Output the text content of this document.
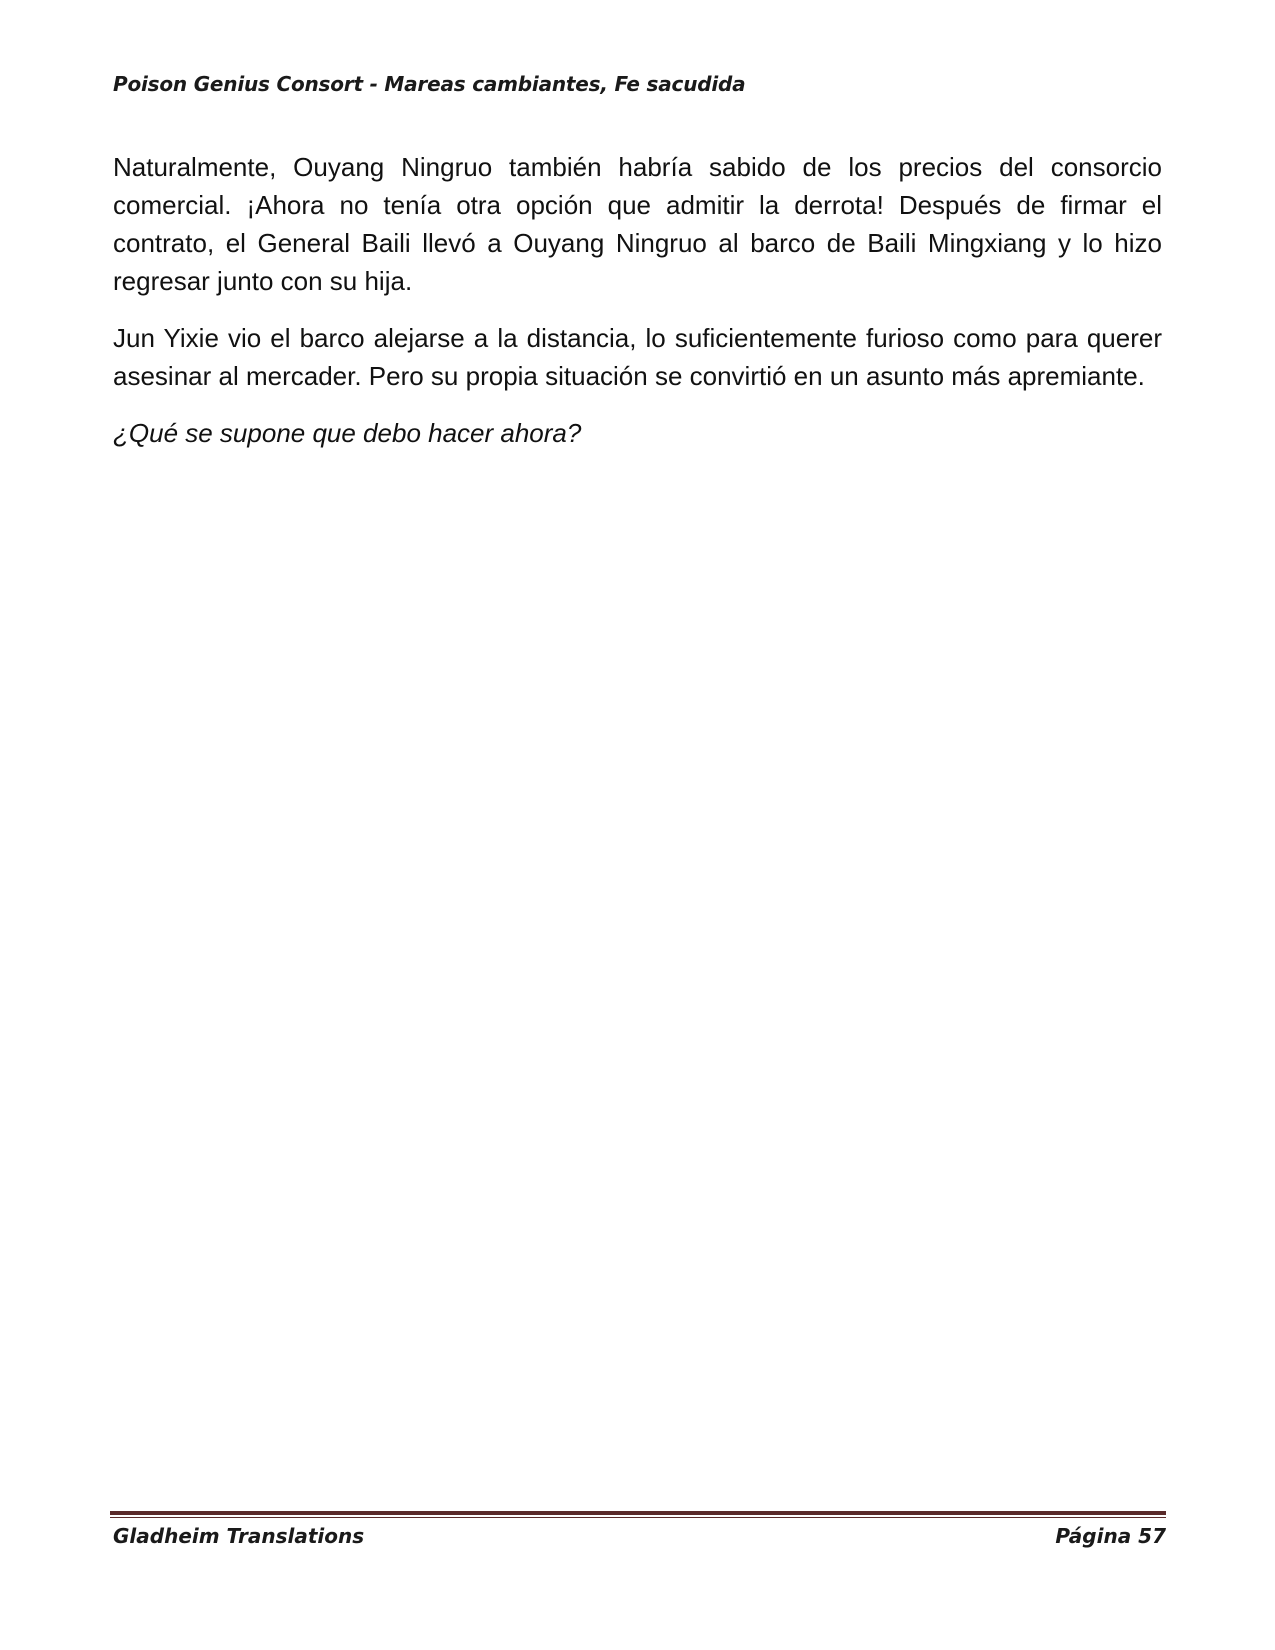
Poison Genius Consort - Mareas cambiantes, Fe sacudida

Naturalmente, Ouyang Ningruo también habría sabido de los precios del consorcio comercial. ¡Ahora no tenía otra opción que admitir la derrota! Después de firmar el contrato, el General Baili llevó a Ouyang Ningruo al barco de Baili Mingxiang y lo hizo regresar junto con su hija.

Jun Yixie vio el barco alejarse a la distancia, lo suficientemente furioso como para querer asesinar al mercader. Pero su propia situación se convirtió en un asunto más apremiante.

¿Qué se supone que debo hacer ahora?

Gladheim Translations	Página 57
